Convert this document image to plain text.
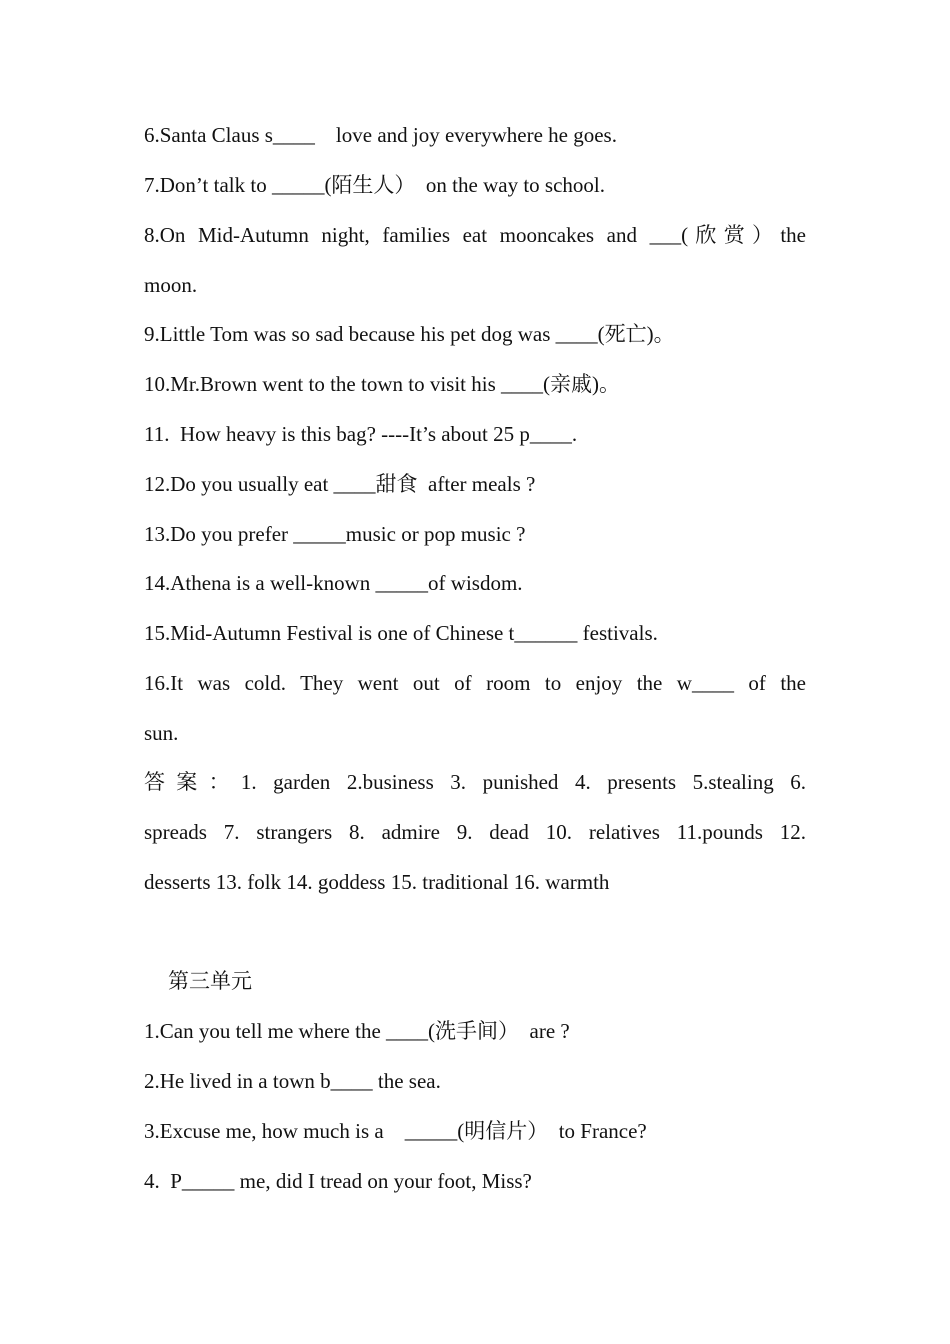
6.Santa Claus s____    love and joy everywhere he goes.
7.Don’t talk to _____(陌生人）  on the way to school.
8.On Mid-Autumn night, families eat mooncakes and ___(欣赏）the
moon.
9.Little Tom was so sad because his pet dog was ____(死亡)。
10.Mr.Brown went to the town to visit his ____(亲戚)。
11.  How heavy is this bag? ----It’s about 25 p____.
12.Do you usually eat ____甜食  after meals ?
13.Do you prefer _____music or pop music ?
14.Athena is a well-known _____of wisdom.
15.Mid-Autumn Festival is one of Chinese t______ festivals.
16.It was cold. They went out of room to enjoy the w____ of the
sun.
答案：1. garden 2.business 3. punished 4. presents 5.stealing 6.
spreads 7. strangers 8. admire 9. dead 10. relatives 11.pounds 12.
desserts 13. folk 14. goddess 15. traditional 16. warmth
第三单元
1.Can you tell me where the ____(洗手间）  are ?
2.He lived in a town b____ the sea.
3.Excuse me, how much is a    _____(明信片）  to France?
4.  P_____ me, did I tread on your foot, Miss?
